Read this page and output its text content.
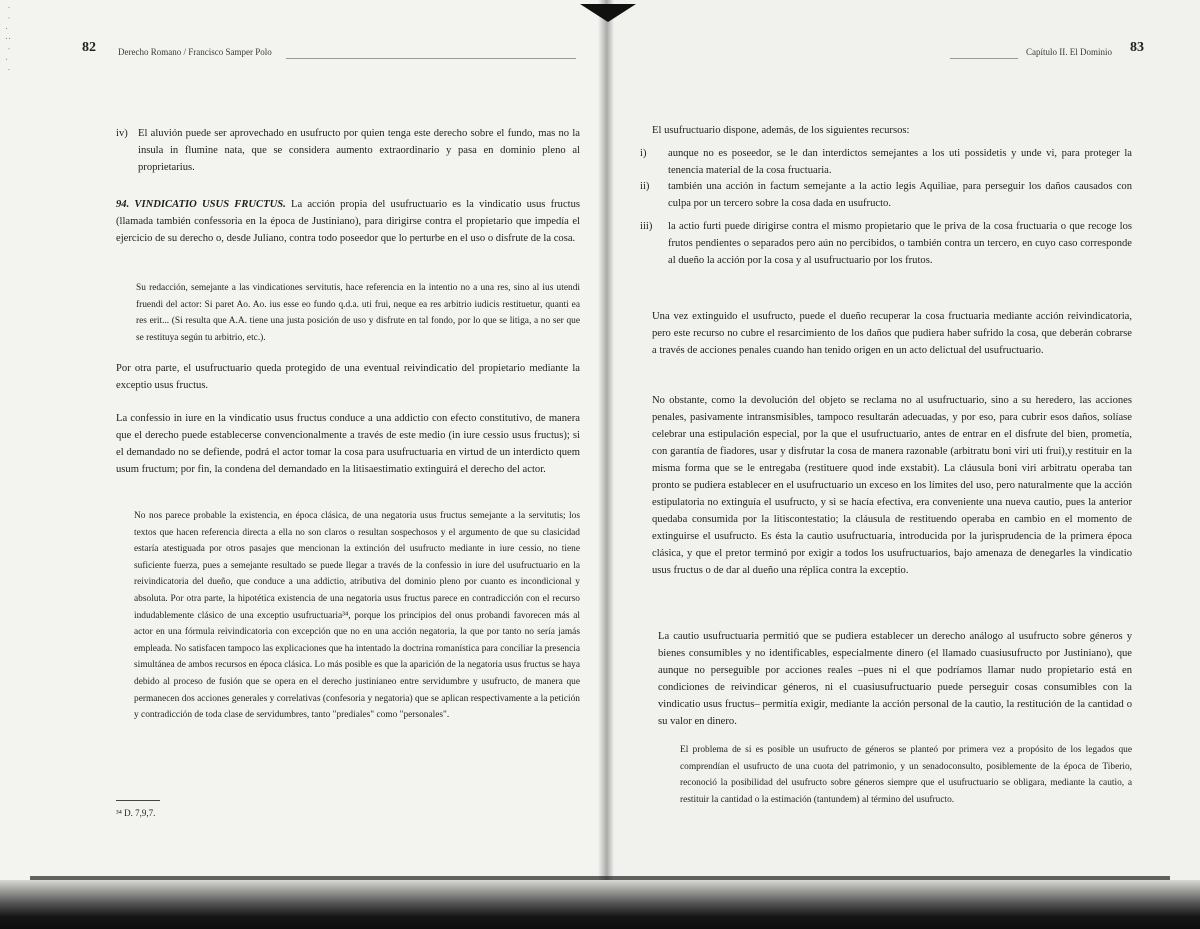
· · . : · . ·	82 Derecho Romano / Francisco Samper Polo
iv) El aluvión puede ser aprovechado en usufructo por quien tenga este derecho sobre el fundo, mas no la insula in flumine nata, que se considera aumento extraordinario y pasa en dominio pleno al proprietarius.

94. VINDICATIO USUS FRUCTUS. La acción propia del usufructuario es la vindicatio usus fructus (llamada también confessoria en la época de Justiniano), para dirigirse contra el propietario que impedía el ejercicio de su derecho o, desde Juliano, contra todo poseedor que lo perturbe en el uso o disfrute de la cosa.

Su redacción, semejante a las vindicationes servitutis, hace referencia en la intentio no a una res, sino al ius utendi fruendi del actor: Si paret Ao. Ao. ius esse eo fundo q.d.a. uti frui, neque ea res arbitrio iudicis restituetur, quanti ea res erit... (Si resulta que A.A. tiene una justa posición de uso y disfrute en tal fondo, por lo que se litiga, a no ser que se restituya según tu arbitrio, etc.).

Por otra parte, el usufructuario queda protegido de una eventual reivindicatio del propietario mediante la exceptio usus fructus.

La confessio in iure en la vindicatio usus fructus conduce a una addictio con efecto constitutivo, de manera que el derecho puede establecerse convencionalmente a través de este medio (in iure cessio usus fructus); si el demandado no se defiende, podrá el actor tomar la cosa para usufructuaria en virtud de un interdicto quem usum fructum; por fin, la condena del demandado en la litisaestimatio extinguirá el derecho del actor.

No nos parece probable la existencia, en época clásica, de una negatoria usus fructus semejante a la servitutis; los textos que hacen referencia directa a ella no son claros o resultan sospechosos y el argumento de que su clasicidad estaría atestiguada por otros pasajes que mencionan la extinción del usufructo mediante in iure cessio, no tiene suficiente fuerza, pues a semejante resultado se puede llegar a través de la confessio in iure del usufructuario en la reivindicatoria del dueño, que conduce a una addictio, atributiva del dominio pleno por cuanto es incondicional y absoluta. Por otra parte, la hipotética existencia de una negatoria usus fructus parece en contradicción con el recurso indudablemente clásico de una exceptio usufructuaria³⁴, porque los principios del onus probandi favorecen más al actor en una fórmula reivindicatoria con excepción que no en una acción negatoria, la que por tanto no sería jamás empleada. No satisfacen tampoco las explicaciones que ha intentado la doctrina romanística para conciliar la presencia simultánea de ambos recursos en época clásica. Lo más posible es que la aparición de la negatoria usus fructus se haya debido al proceso de fusión que se opera en el derecho justinianeo entre servidumbre y usufructo, de manera que permanecen dos acciones generales y correlativas (confesoria y negatoria) que se aplican respectivamente a la petición y contradicción de toda clase de servidumbres, tanto "prediales" como "personales".

³⁴ D. 7,9,7.
Capítulo II. El Dominio 83

El usufructuario dispone, además, de los siguientes recursos:

i) aunque no es poseedor, se le dan interdictos semejantes a los uti possidetis y unde vi, para proteger la tenencia material de la cosa fructuaria.

ii) también una acción in factum semejante a la actio legis Aquiliae, para perseguir los daños causados con culpa por un tercero sobre la cosa dada en usufructo.

iii) la actio furti puede dirigirse contra el mismo propietario que le priva de la cosa fructuaria o que recoge los frutos pendientes o separados pero aún no percibidos, o también contra un tercero, en cuyo caso corresponde al dueño la acción por la cosa y al usufructuario por los frutos.

Una vez extinguido el usufructo, puede el dueño recuperar la cosa fructuaria mediante acción reivindicatoria, pero este recurso no cubre el resarcimiento de los daños que pudiera haber sufrido la cosa, que deberán cobrarse a través de acciones penales cuando han tenido origen en un acto delictual del usufructuario.

No obstante, como la devolución del objeto se reclama no al usufructuario, sino a su heredero, las acciones penales, pasivamente intransmisibles, tampoco resultarán adecuadas, y por eso, para cubrir esos daños, solíase celebrar una estipulación especial, por la que el usufructuario, antes de entrar en el disfrute del bien, prometía, con garantía de fiadores, usar y disfrutar la cosa de manera razonable (arbitratu boni viri uti frui),y restituir en la misma forma que se le entregaba (restituere quod inde exstabit). La cláusula boni viri arbitratu operaba tan pronto se pudiera establecer en el usufructuario un exceso en los límites del uso, pero naturalmente que la acción estipulatoria no extinguía el usufructo, y si se hacía efectiva, era conveniente una nueva cautio, pues la anterior quedaba consumida por la litiscontestatio; la cláusula de restituendo operaba en cambio en el momento de extinguirse el usufructo. Es ésta la cautio usufructuaria, introducida por la jurisprudencia de la primera época clásica, y que el pretor terminó por exigir a todos los usufructuarios, bajo amenaza de denegarles la vindicatio usus fructus o de dar al dueño una réplica contra la exceptio.

La cautio usufructuaria permitió que se pudiera establecer un derecho análogo al usufructo sobre géneros y bienes consumibles y no identificables, especialmente dinero (el llamado cuasiusufructo por Justiniano), que aunque no perseguible por acciones reales –pues ni el que podríamos llamar nudo propietario está en condiciones de reivindicar géneros, ni el cuasiusufructuario puede perseguir cosas consumibles con la vindicatio usus fructus– permitía exigir, mediante la acción personal de la cautio, la restitución de la cantidad o su valor en dinero.

El problema de si es posible un usufructo de géneros se planteó por primera vez a propósito de los legados que comprendían el usufructo de una cuota del patrimonio, y un senadoconsulto, posiblemente de la época de Tiberio, reconoció la posibilidad del usufructo sobre géneros siempre que el usufructuario se obligara, mediante la cautio, a restituir la cantidad o la estimación (tantundem) al término del usufructo.
